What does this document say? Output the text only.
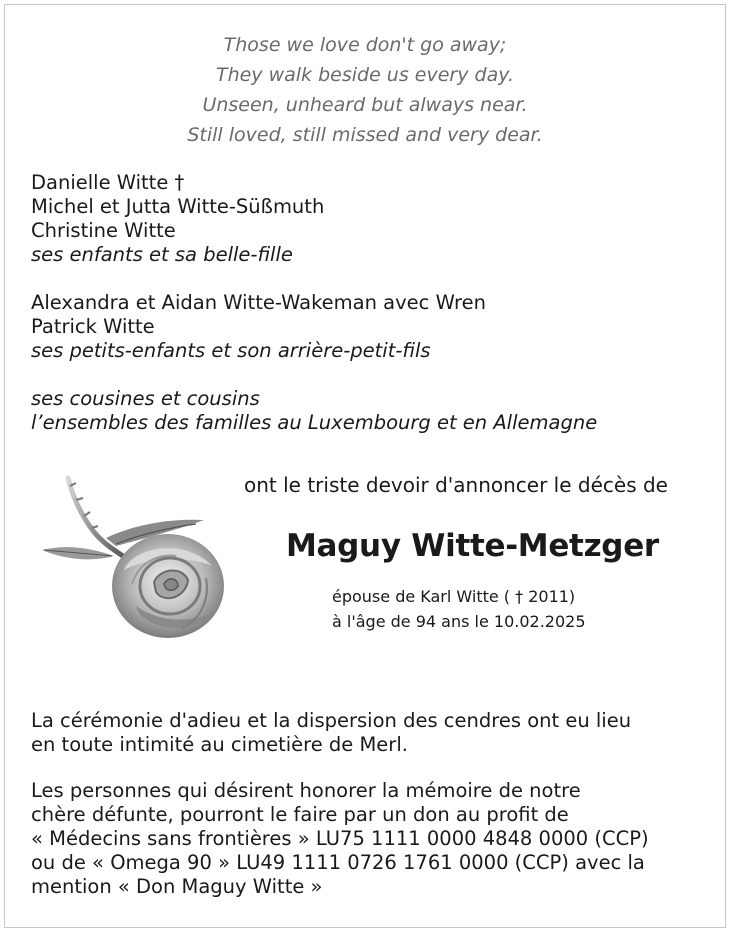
Those we love don't go away;
They walk beside us every day.
Unseen, unheard but always near.
Still loved, still missed and very dear.
Danielle Witte †
Michel et Jutta Witte-Süßmuth
Christine Witte
ses enfants et sa belle-fille
Alexandra et Aidan Witte-Wakeman avec Wren
Patrick Witte
ses petits-enfants et son arrière-petit-fils
ses cousines et cousins
l’ensembles des familles au Luxembourg et en Allemagne
ont le triste devoir d'annoncer le décès de
Maguy Witte-Metzger
épouse de Karl Witte ( † 2011)
à l'âge de 94 ans le 10.02.2025
La cérémonie d'adieu et la dispersion des cendres ont eu lieu
en toute intimité au cimetière de Merl.
Les personnes qui désirent honorer la mémoire de notre
chère défunte, pourront le faire par un don au profit de
« Médecins sans frontières » LU75 1111 0000 4848 0000 (CCP)
ou de « Omega 90 » LU49 1111 0726 1761 0000 (CCP) avec la
mention « Don Maguy Witte »
